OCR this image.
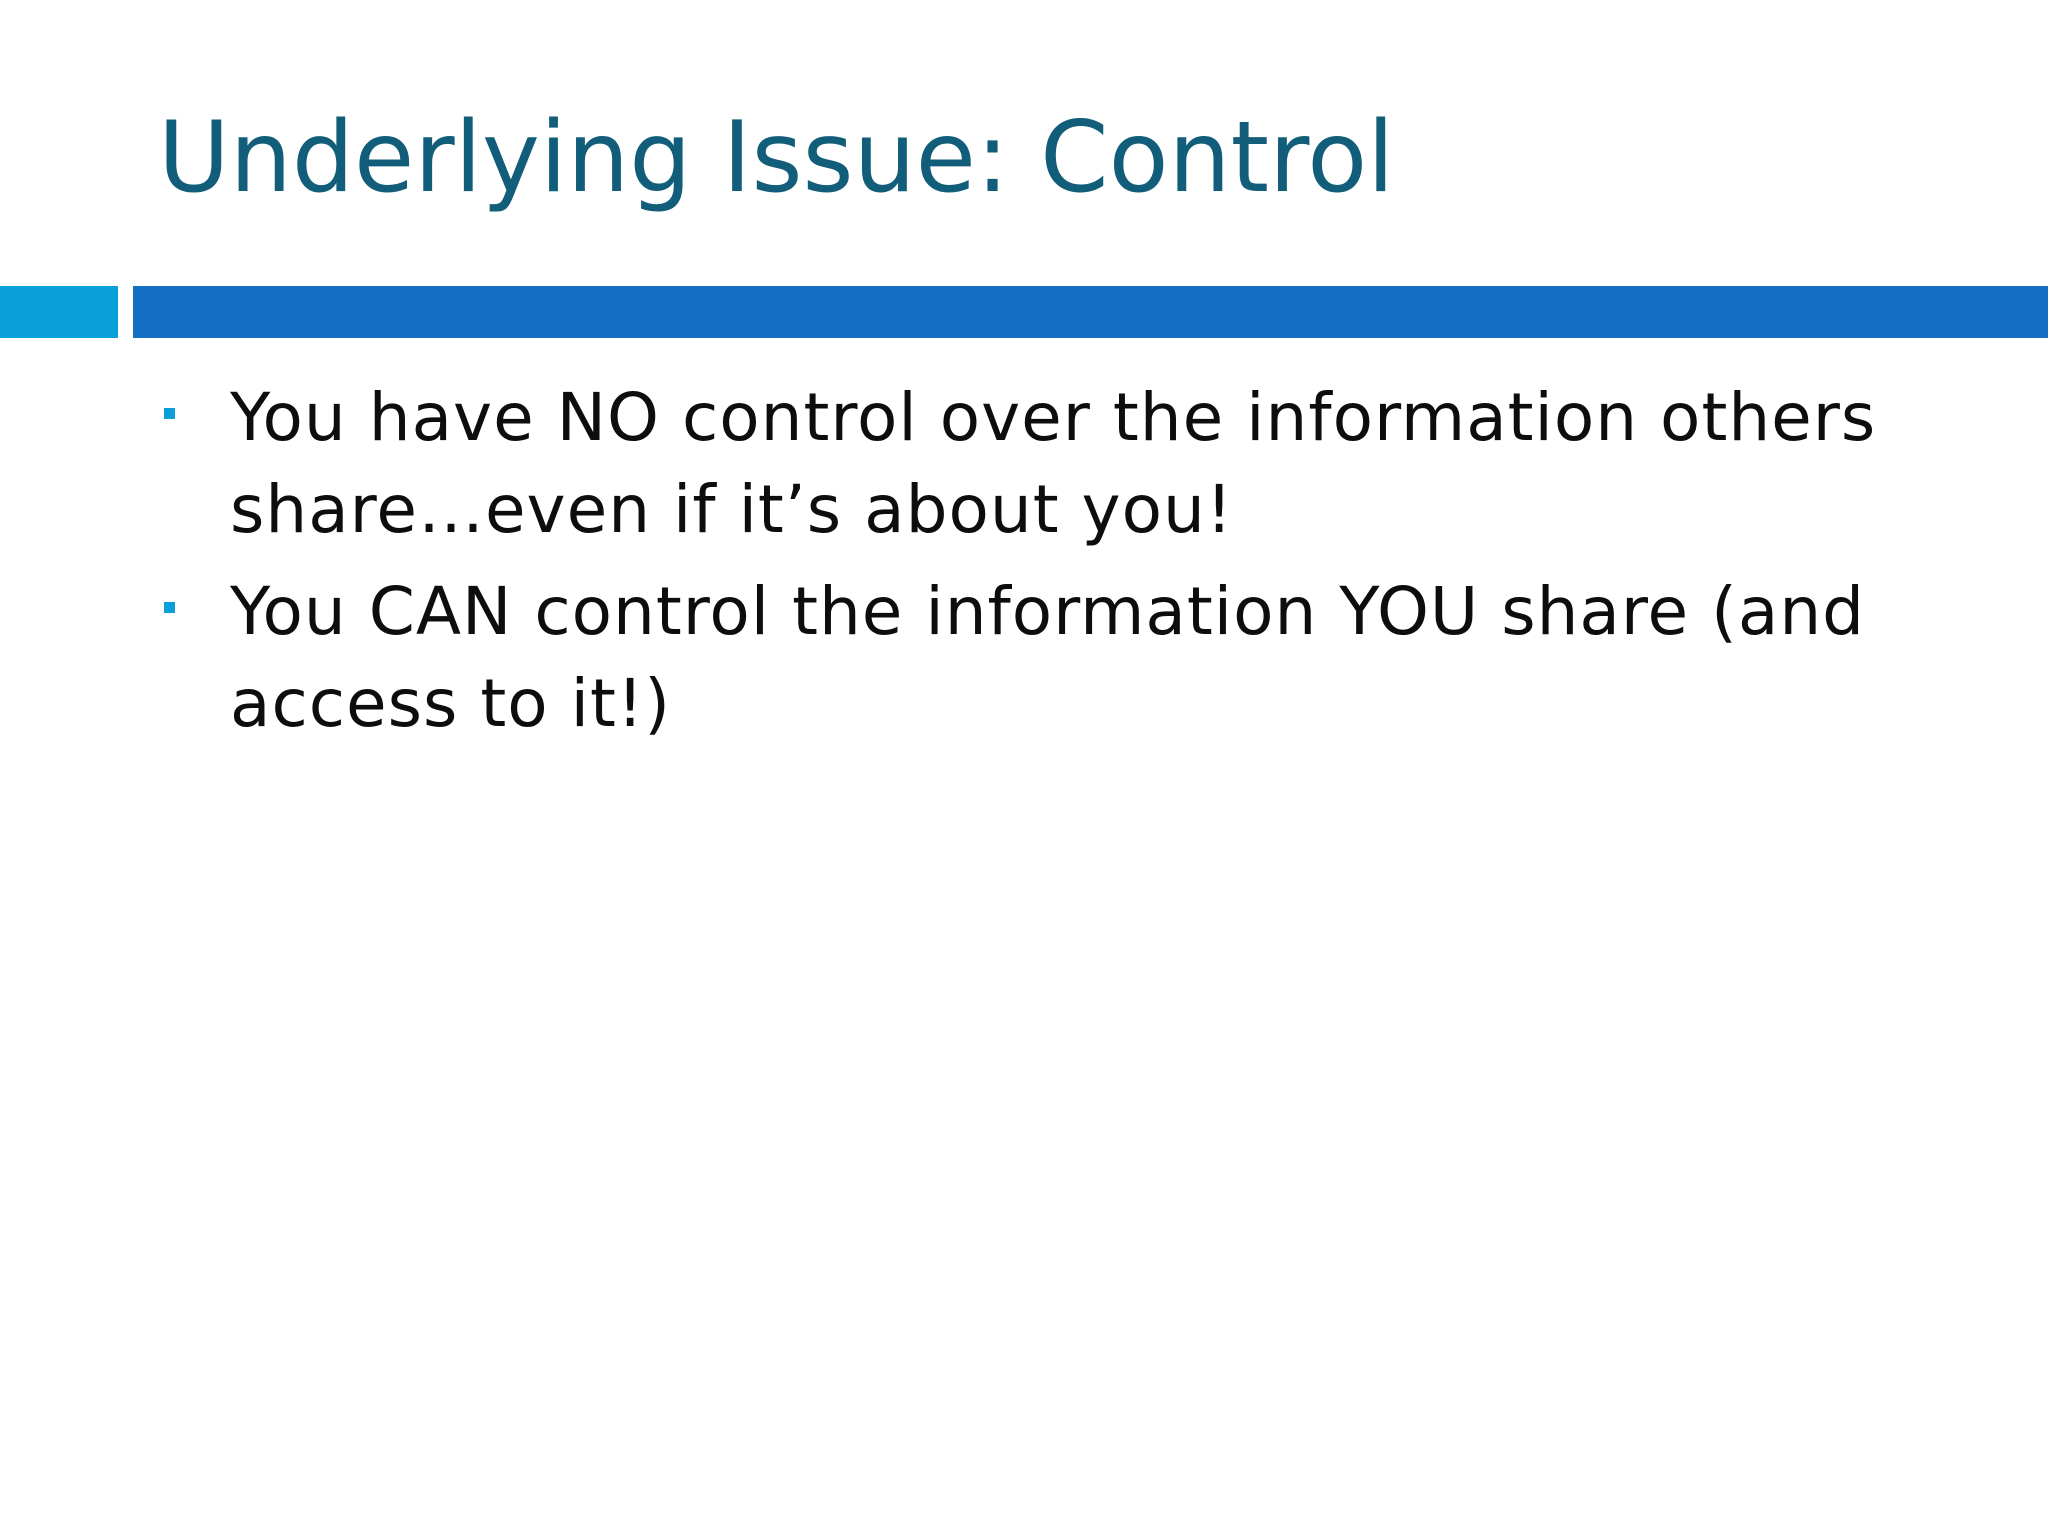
Underlying Issue: Control
You have NO control over the information others share…even if it’s about you!
You CAN control the information YOU share (and access to it!)
